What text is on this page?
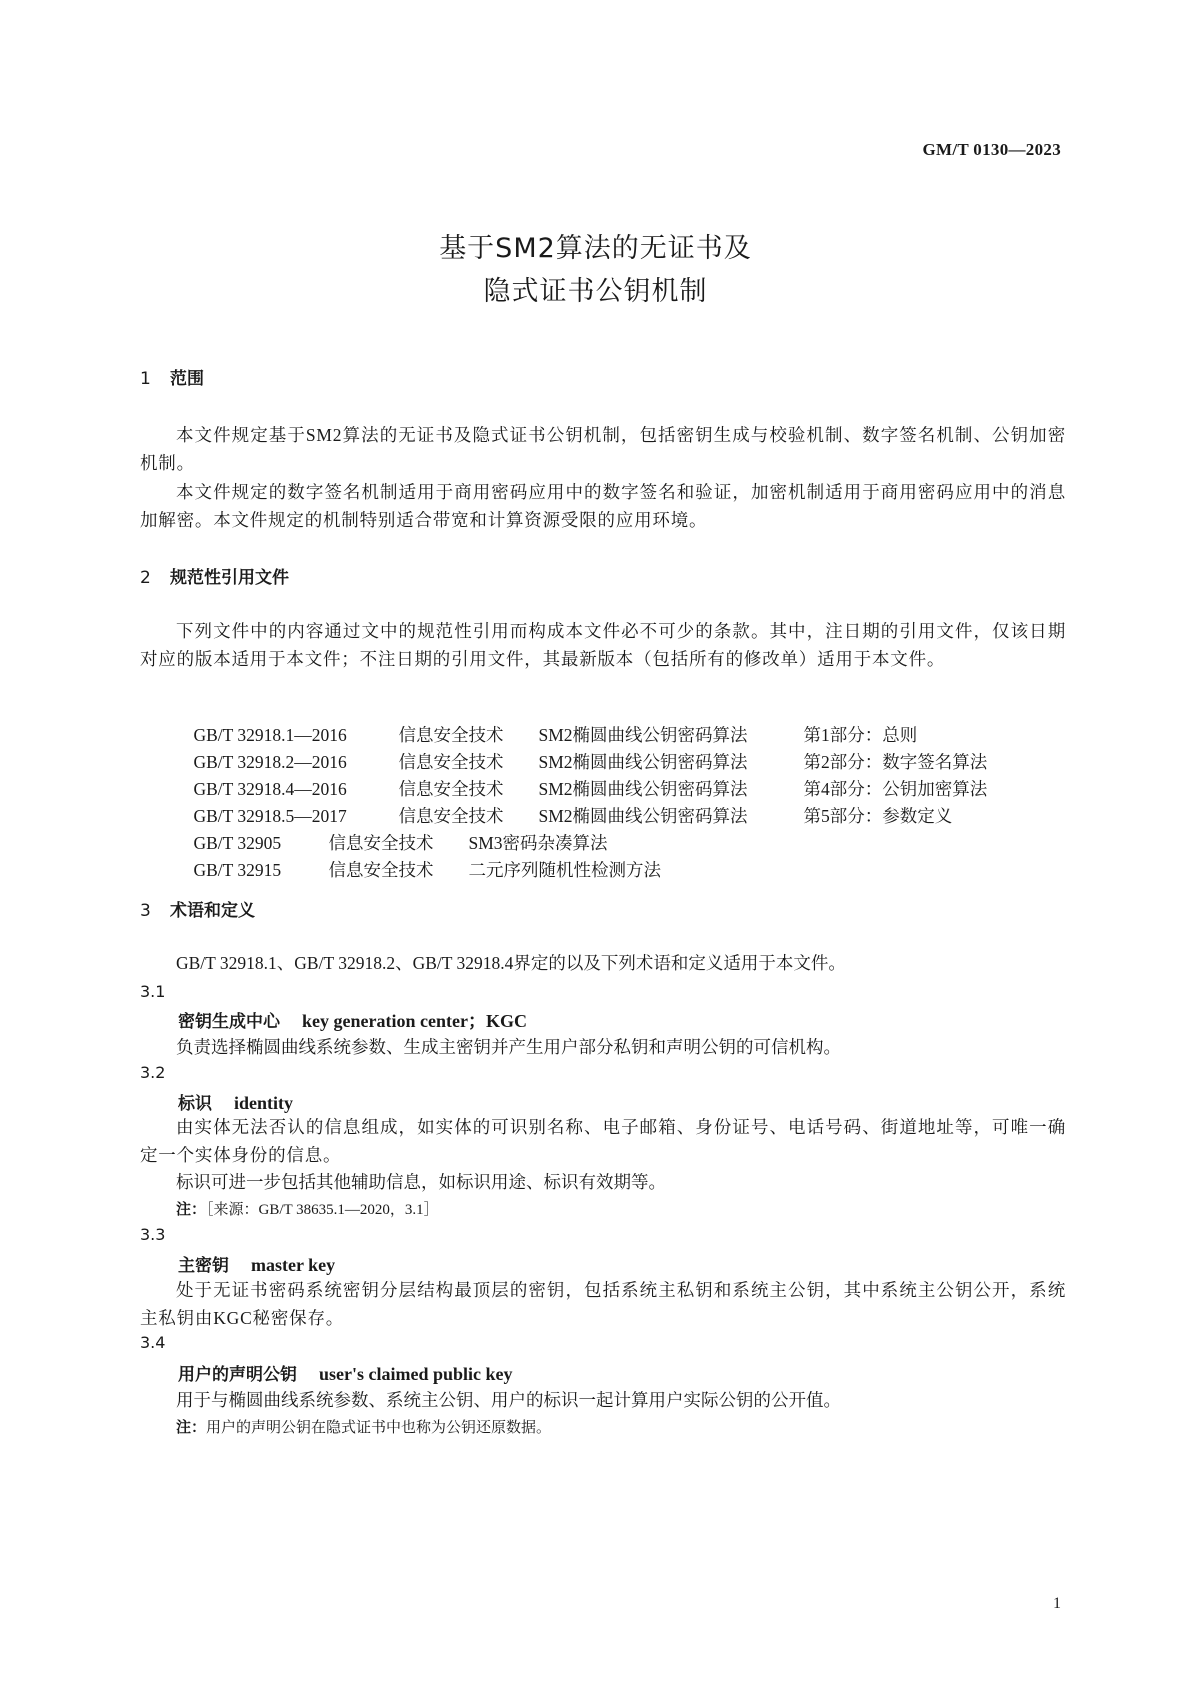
GM/T 0130—2023
基于SM2算法的无证书及
隐式证书公钥机制
1 范围

本文件规定基于SM2算法的无证书及隐式证书公钥机制，包括密钥生成与校验机制、数字签名机制、公钥加密机制。

本文件规定的数字签名机制适用于商用密码应用中的数字签名和验证，加密机制适用于商用密码应用中的消息加解密。本文件规定的机制特别适合带宽和计算资源受限的应用环境。

2 规范性引用文件

下列文件中的内容通过文中的规范性引用而构成本文件必不可少的条款。其中，注日期的引用文件，仅该日期对应的版本适用于本文件；不注日期的引用文件，其最新版本（包括所有的修改单）适用于本文件。

GB/T 32918.1—2016	信息安全技术 SM2椭圆曲线公钥密码算法	第1部分：总则

GB/T 32918.2—2016	信息安全技术 SM2椭圆曲线公钥密码算法	第2部分：数字签名算法

GB/T 32918.4—2016	信息安全技术 SM2椭圆曲线公钥密码算法	第4部分：公钥加密算法

GB/T 32918.5—2017	信息安全技术 SM2椭圆曲线公钥密码算法	第5部分：参数定义

GB/T 32905	信息安全技术 SM3密码杂凑算法

GB/T 32915	信息安全技术 二元序列随机性检测方法

3 术语和定义
GB/T 32918.1、GB/T 32918.2、GB/T 32918.4界定的以及下列术语和定义适用于本文件。
3.1
密钥生成中心 key generation center；KGC
负责选择椭圆曲线系统参数、生成主密钥并产生用户部分私钥和声明公钥的可信机构。
3.2
标识 identity

由实体无法否认的信息组成，如实体的可识别名称、电子邮箱、身份证号、电话号码、街道地址等，可唯一确定一个实体身份的信息。

标识可进一步包括其他辅助信息，如标识用途、标识有效期等。
注：［来源：GB/T 38635.1—2020，3.1］
3.3
主密钥 master key

处于无证书密码系统密钥分层结构最顶层的密钥，包括系统主私钥和系统主公钥，其中系统主公钥公开，系统主私钥由KGC秘密保存。

3.4
用户的声明公钥 user's claimed public key
用于与椭圆曲线系统参数、系统主公钥、用户的标识一起计算用户实际公钥的公开值。
注：用户的声明公钥在隐式证书中也称为公钥还原数据。
1
